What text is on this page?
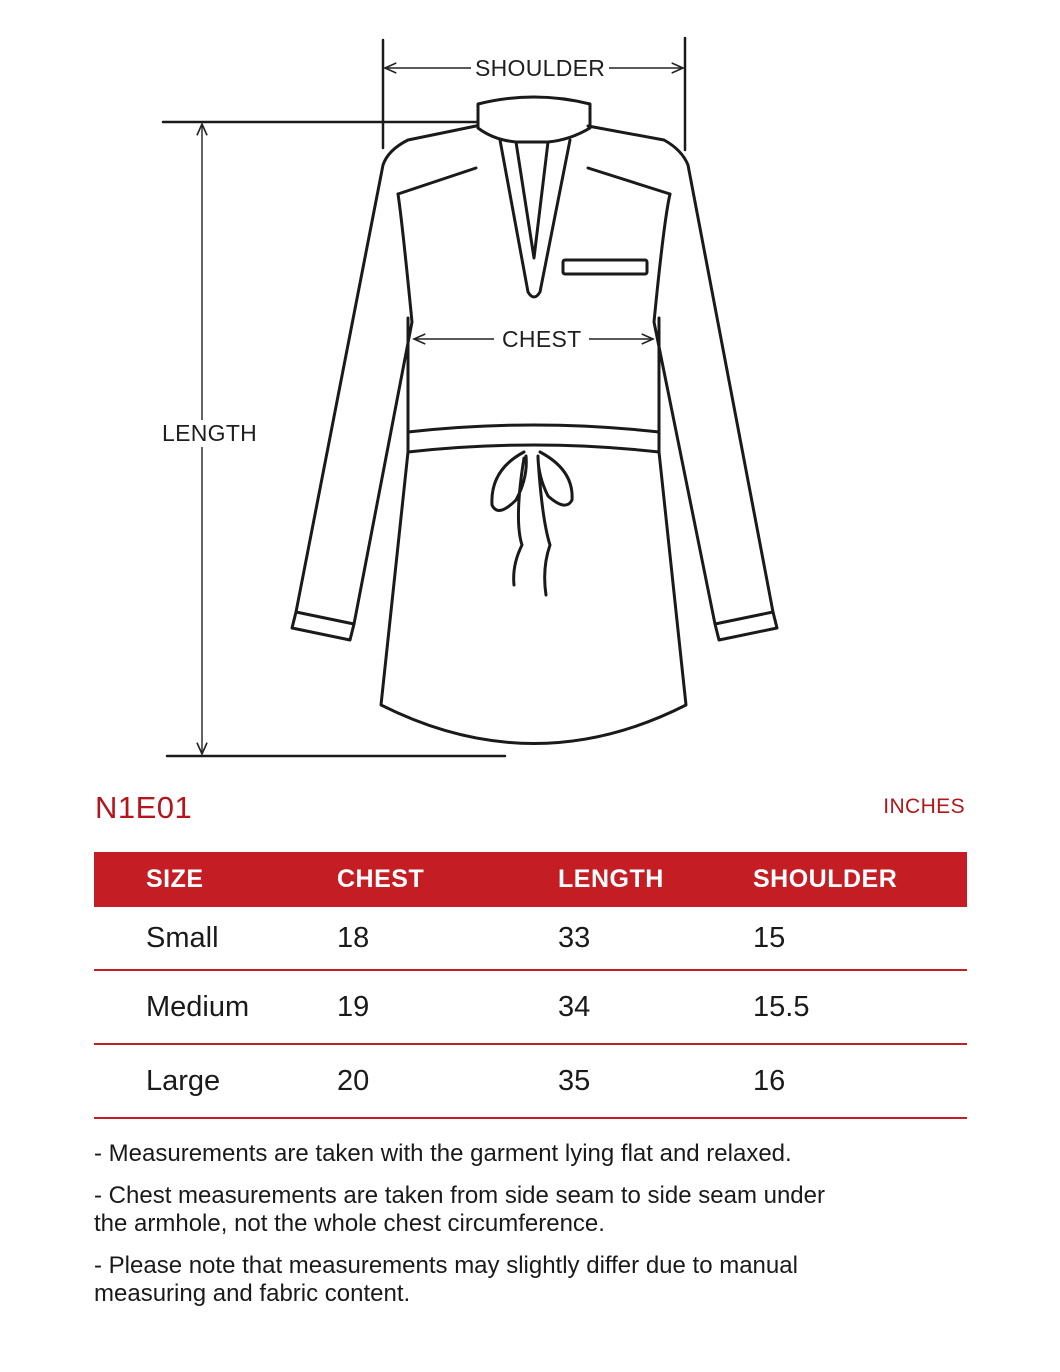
SHOULDER
CHEST
LENGTH
N1E01	INCHES
SIZE	CHEST	LENGTH	SHOULDER
Small	18	33	15
Medium	19	34	15.5
Large	20	35	16
- Measurements are taken with the garment lying flat and relaxed.
- Chest measurements are taken from side seam to side seam under
the armhole, not the whole chest circumference.
- Please note that measurements may slightly differ due to manual
measuring and fabric content.
